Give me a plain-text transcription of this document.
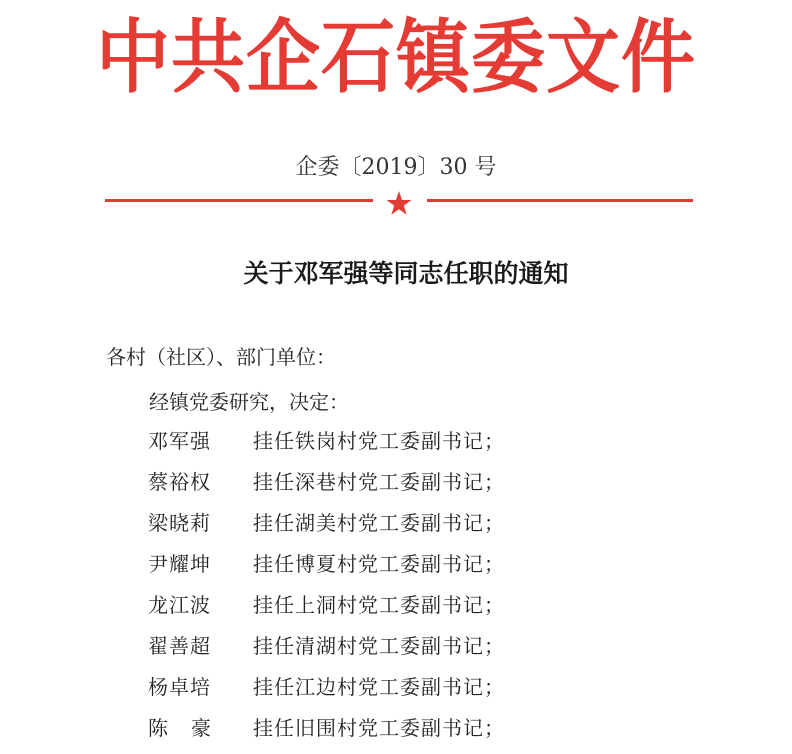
中共企石镇委文件
企委〔2019〕30 号
关于邓军强等同志任职的通知
各村（社区）、部门单位：
经镇党委研究，决定：
邓军强	挂任铁岗村党工委副书记；
蔡裕权	挂任深巷村党工委副书记；
梁晓莉	挂任湖美村党工委副书记；
尹耀坤	挂任博夏村党工委副书记；
龙江波	挂任上洞村党工委副书记；
翟善超	挂任清湖村党工委副书记；
杨卓培	挂任江边村党工委副书记；
陈豪 挂任旧围村党工委副书记；
